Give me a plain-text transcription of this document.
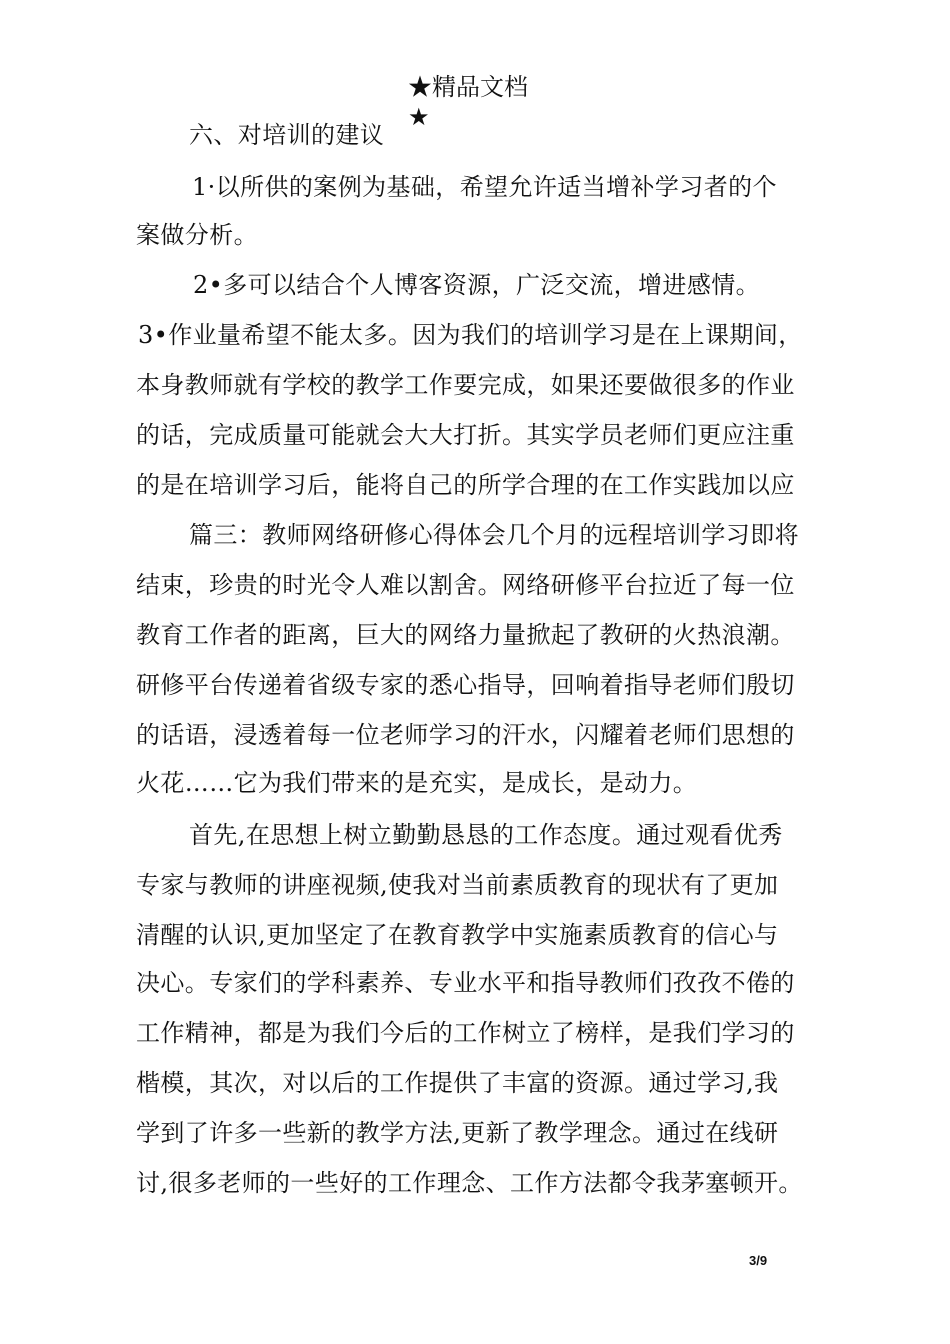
★精品文档
★
六、对培训的建议
1·以所供的案例为基础，希望允许适当增补学习者的个
案做分析。
2•多可以结合个人博客资源，广泛交流，增进感情。
3•作业量希望不能太多。因为我们的培训学习是在上课期间，
本身教师就有学校的教学工作要完成，如果还要做很多的作业
的话，完成质量可能就会大大打折。其实学员老师们更应注重
的是在培训学习后，能将自己的所学合理的在工作实践加以应
篇三：教师网络研修心得体会几个月的远程培训学习即将
结束，珍贵的时光令人难以割舍。网络研修平台拉近了每一位
教育工作者的距离，巨大的网络力量掀起了教研的火热浪潮。
研修平台传递着省级专家的悉心指导，回响着指导老师们殷切
的话语，浸透着每一位老师学习的汗水，闪耀着老师们思想的
火花……它为我们带来的是充实，是成长，是动力。
首先,在思想上树立勤勤恳恳的工作态度。通过观看优秀
专家与教师的讲座视频,使我对当前素质教育的现状有了更加
清醒的认识,更加坚定了在教育教学中实施素质教育的信心与
决心。专家们的学科素养、专业水平和指导教师们孜孜不倦的
工作精神，都是为我们今后的工作树立了榜样，是我们学习的
楷模，其次，对以后的工作提供了丰富的资源。通过学习,我
学到了许多一些新的教学方法,更新了教学理念。通过在线研
讨,很多老师的一些好的工作理念、工作方法都令我茅塞顿开。
3/9
